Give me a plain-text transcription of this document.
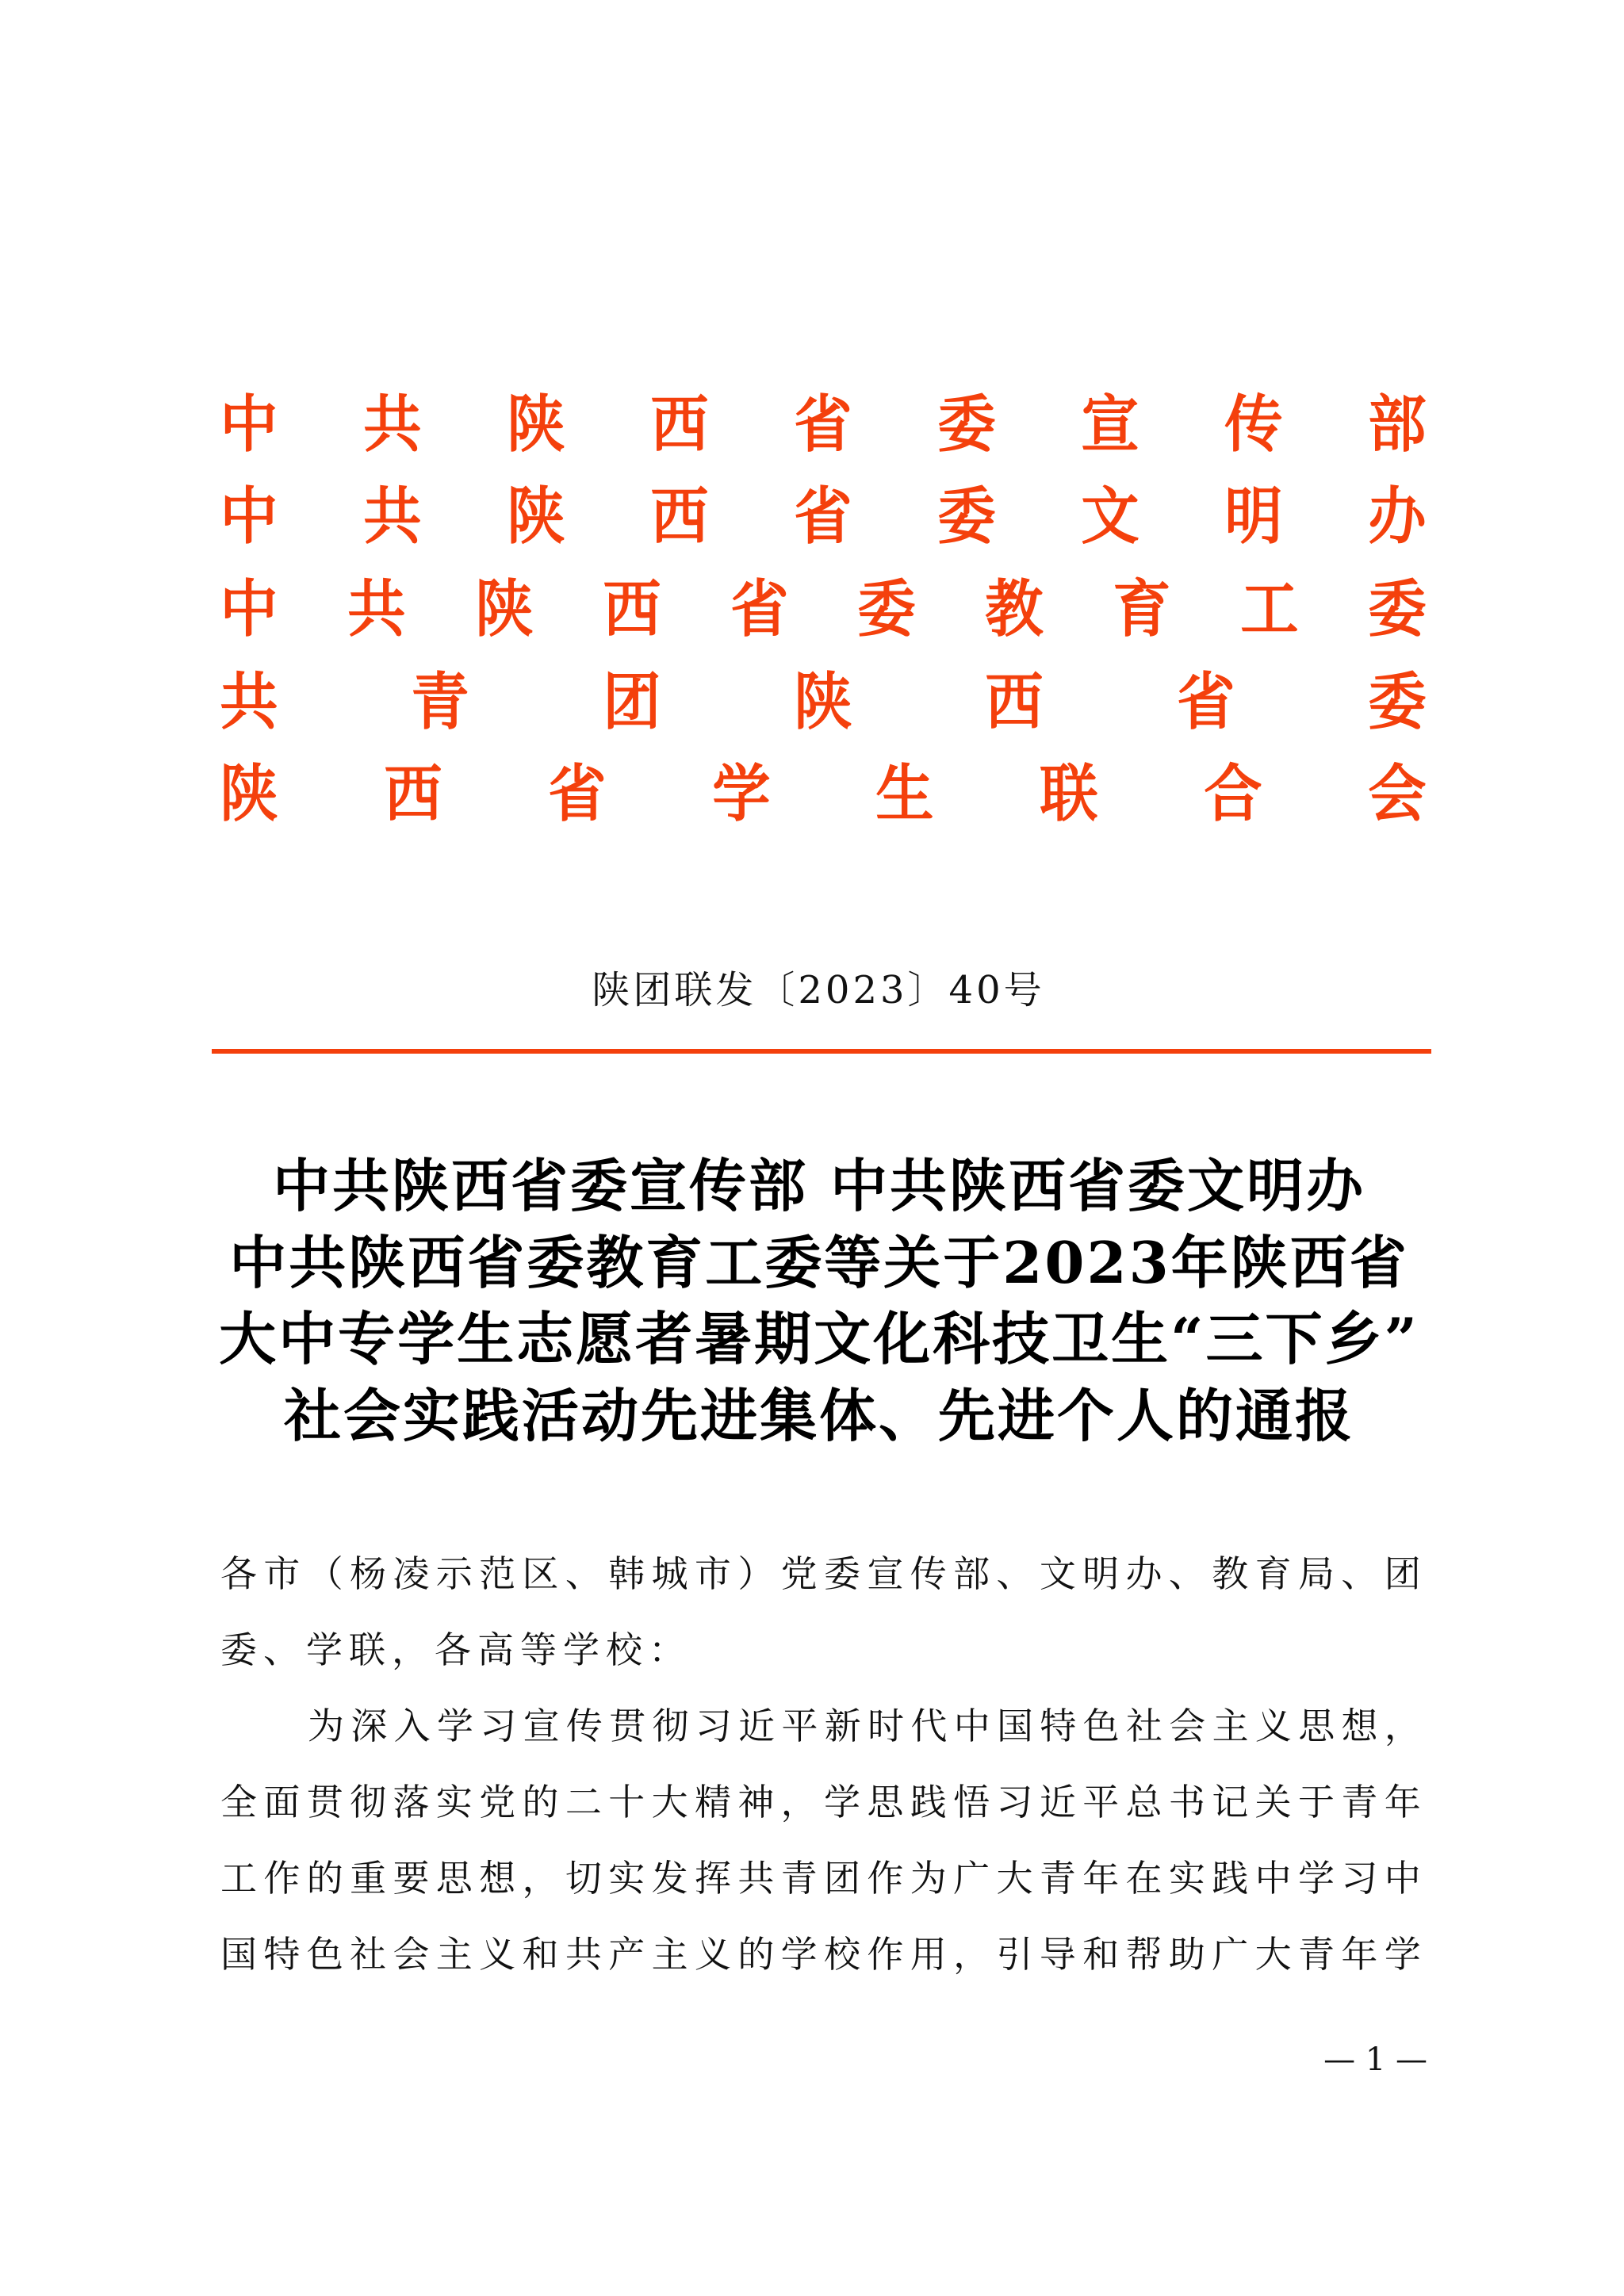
中 共 陕 西 省 委 宣 传 部
中 共 陕 西 省 委 文 明 办
中 共 陕 西 省 委 教 育 工 委
共 青 团 陕 西 省 委
陕 西 省 学 生 联 合 会
陕团联发〔2023〕40号
中共陕西省委宣传部 中共陕西省委文明办
中共陕西省委教育工委等关于2023年陕西省
大中专学生志愿者暑期文化科技卫生“三下乡”
社会实践活动先进集体、先进个人的通报
各 市 （ 杨 凌 示 范 区 、 韩 城 市 ） 党 委 宣 传 部 、 文 明 办 、 教 育 局 、 团
委、学联，各高等学校：
为 深 入 学 习 宣 传 贯 彻 习 近 平 新 时 代 中 国 特 色 社 会 主 义 思 想 ，
全 面 贯 彻 落 实 党 的 二 十 大 精 神 ， 学 思 践 悟 习 近 平 总 书 记 关 于 青 年
工 作 的 重 要 思 想 ， 切 实 发 挥 共 青 团 作 为 广 大 青 年 在 实 践 中 学 习 中
国 特 色 社 会 主 义 和 共 产 主 义 的 学 校 作 用 ， 引 导 和 帮 助 广 大 青 年 学
— 1 —
